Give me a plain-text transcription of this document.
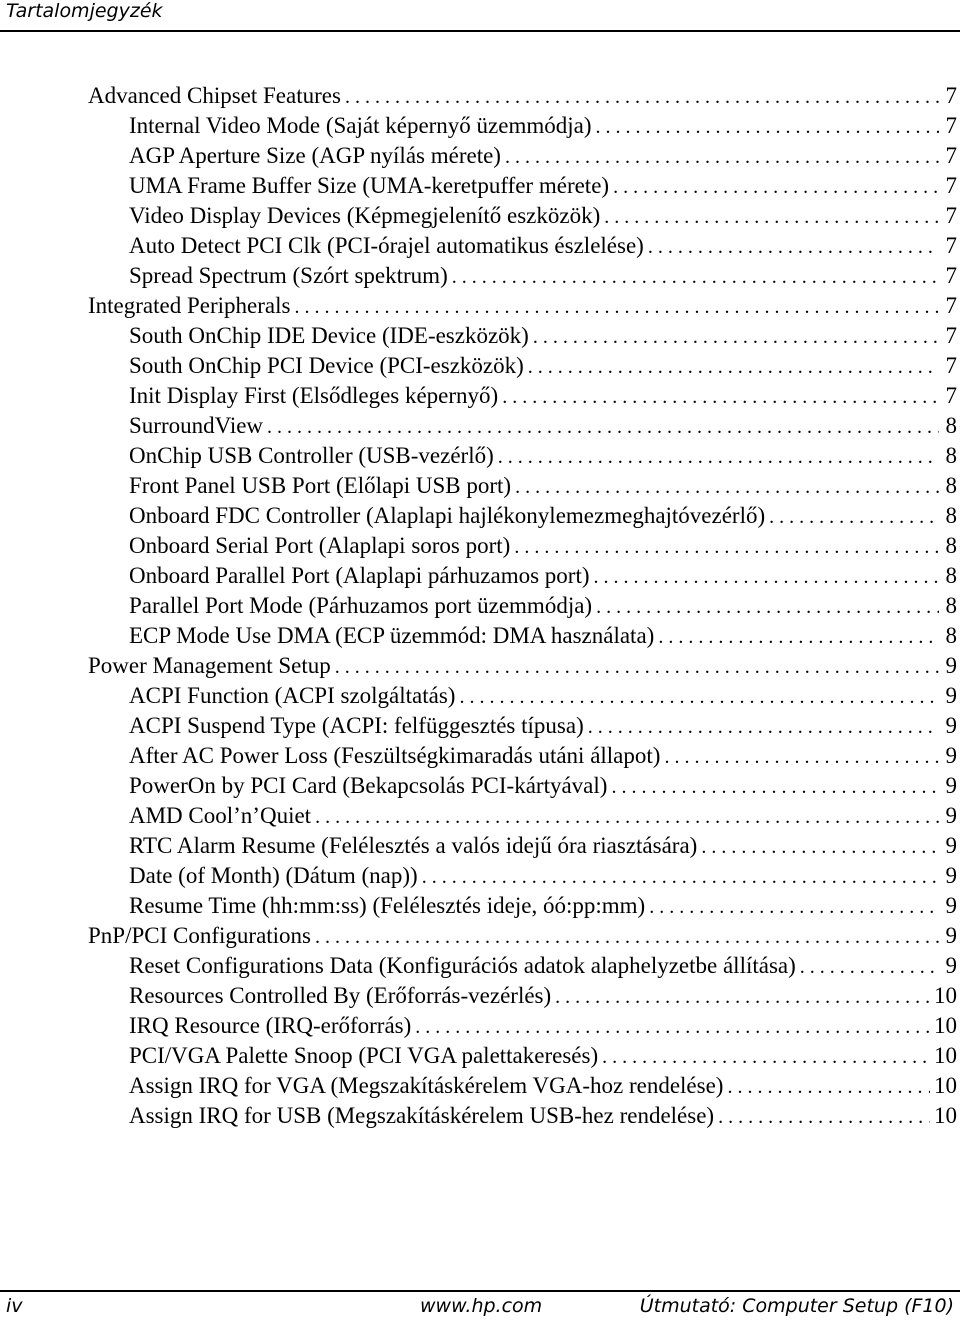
Tartalomjegyzék
Advanced Chipset Features . . .	7
Internal Video Mode (Saját képernyő üzemmódja) . . .	7
AGP Aperture Size (AGP nyílás mérete) . . .	7
UMA Frame Buffer Size (UMA-keretpuffer mérete) . . .	7
Video Display Devices (Képmegjelenítő eszközök) . . .	7
Auto Detect PCI Clk (PCI-órajel automatikus észlelése) . . .	7
Spread Spectrum (Szórt spektrum) . . .	7
Integrated Peripherals . . .	7
South OnChip IDE Device (IDE-eszközök) . . .	7
South OnChip PCI Device (PCI-eszközök) . . .	7
Init Display First (Elsődleges képernyő) . . .	7
SurroundView . . .	8
OnChip USB Controller (USB-vezérlő) . . .	8
Front Panel USB Port (Előlapi USB port) . . .	8
Onboard FDC Controller (Alaplapi hajlékonylemezmeghajtóvezérlő) . . .	8
Onboard Serial Port (Alaplapi soros port) . . .	8
Onboard Parallel Port (Alaplapi párhuzamos port) . . .	8
Parallel Port Mode (Párhuzamos port üzemmódja) . . .	8
ECP Mode Use DMA (ECP üzemmód: DMA használata) . . .	8
Power Management Setup . . .	9
ACPI Function (ACPI szolgáltatás) . . .	9
ACPI Suspend Type (ACPI: felfüggesztés típusa) . . .	9
After AC Power Loss (Feszültségkimaradás utáni állapot) . . .	9
PowerOn by PCI Card (Bekapcsolás PCI-kártyával) . . .	9
AMD Cool’n’Quiet . . .	9
RTC Alarm Resume (Felélesztés a valós idejű óra riasztására) . . .	9
Date (of Month) (Dátum (nap)) . . .	9
Resume Time (hh:mm:ss) (Felélesztés ideje, óó:pp:mm) . . .	9
PnP/PCI Configurations . . .	9
Reset Configurations Data (Konfigurációs adatok alaphelyzetbe állítása) . . .	9
Resources Controlled By (Erőforrás-vezérlés) . . .	10
IRQ Resource (IRQ-erőforrás) . . .	10
PCI/VGA Palette Snoop (PCI VGA palettakeresés) . . .	10
Assign IRQ for VGA (Megszakításkérelem VGA-hoz rendelése) . . .	10
Assign IRQ for USB (Megszakításkérelem USB-hez rendelése) . . .	10
iv	www.hp.com	Útmutató: Computer Setup (F10)
